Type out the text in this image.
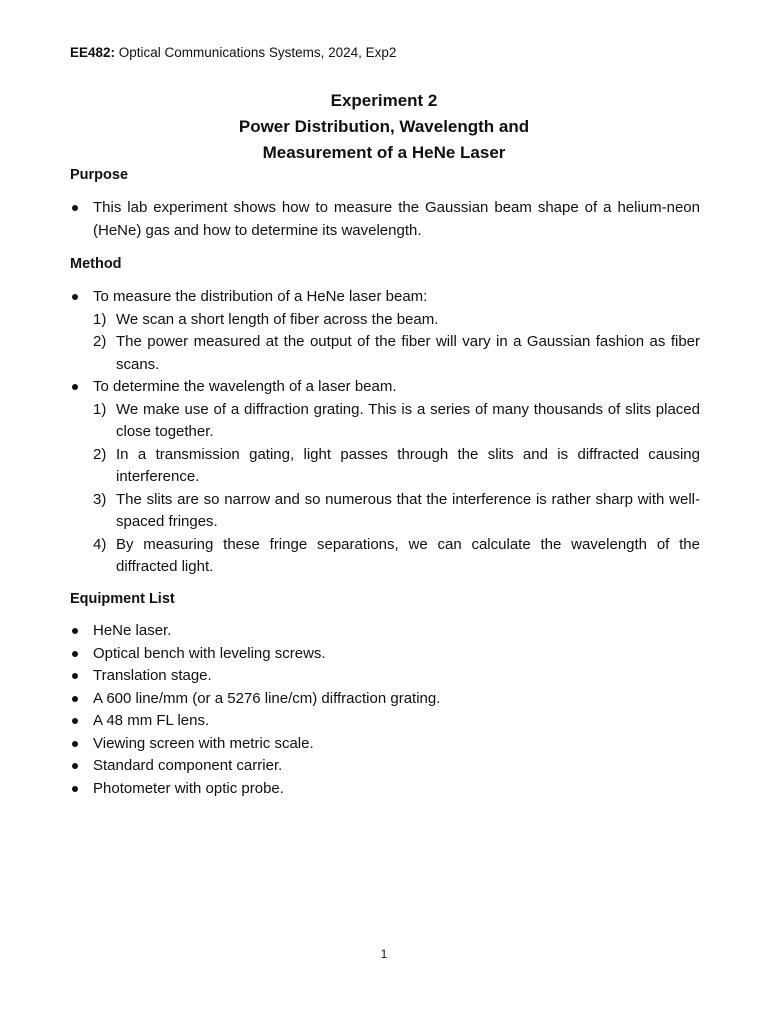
EE482: Optical Communications Systems, 2024, Exp2
Experiment 2
Power Distribution, Wavelength and
Measurement of a HeNe Laser
Purpose
This lab experiment shows how to measure the Gaussian beam shape of a helium-neon (HeNe) gas and how to determine its wavelength.
Method
To measure the distribution of a HeNe laser beam:
1) We scan a short length of fiber across the beam.
2) The power measured at the output of the fiber will vary in a Gaussian fashion as fiber scans.
To determine the wavelength of a laser beam.
1) We make use of a diffraction grating. This is a series of many thousands of slits placed close together.
2) In a transmission gating, light passes through the slits and is diffracted causing interference.
3) The slits are so narrow and so numerous that the interference is rather sharp with well-spaced fringes.
4) By measuring these fringe separations, we can calculate the wavelength of the diffracted light.
Equipment List
HeNe laser.
Optical bench with leveling screws.
Translation stage.
A 600 line/mm (or a 5276 line/cm) diffraction grating.
A 48 mm FL lens.
Viewing screen with metric scale.
Standard component carrier.
Photometer with optic probe.
1
